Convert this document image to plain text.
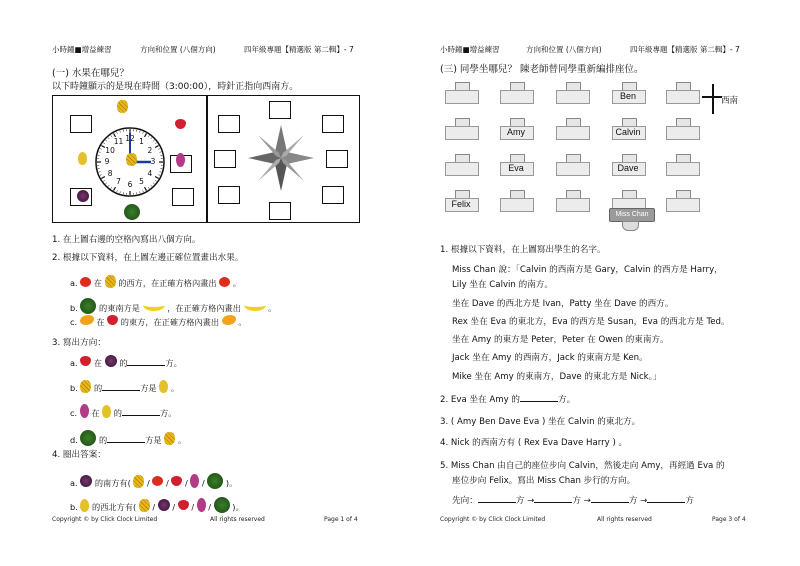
小時鐘■增益練習	方向和位置 (八個方向)	四年級專題【精選版 第二輯】- 7
(一) 水果在哪兒？
以下時鐘顯示的是現在時間（3:00:00），時針正指向西南方。
12 1
2
3
4
5
6
7
8
9
10
11
1. 在上圖右邊的空格內寫出八個方向。
2. 根據以下資料，在上圖左邊正確位置畫出水果。
a. 在 的西方，在正確方格內畫出 。
b.	的東南方是	，在正確方格內畫出	。
c. 在 的東方，在正確方格內畫出 。
3. 寫出方向：
a. 在 的	方。
b. 的	方是 。
c. 在 的	方。
d.	的	方是 。
4. 圈出答案：
a. 的南方有(  /  /  /  /  )。
b. 的西北方有(  /  /  /  /  )。
Copyright © by Click Clock Limited	All rights reserved	Page 1 of 4
小時鐘■增益練習	方向和位置 (八個方向)	四年級專題【精選版 第二輯】- 7
(三) 同學坐哪兒？ 陳老師替同學重新編排座位。
Ben
Amy	Calvin
Eva	Dave
Felix
西南
Miss Chan
1. 根據以下資料，在上圖寫出學生的名字。
Miss Chan 說：「Calvin 的西南方是 Gary，Calvin 的西方是 Harry，
Lily 坐在 Calvin 的南方。
坐在 Dave 的西北方是 Ivan，Patty 坐在 Dave 的西方。
Rex 坐在 Eva 的東北方，Eva 的西方是 Susan，Eva 的西北方是 Ted。
坐在 Amy 的東方是 Peter，Peter 在 Owen 的東南方。
Jack 坐在 Amy 的西南方，Jack 的東南方是 Ken。
Mike 坐在 Amy 的東南方，Dave 的東北方是 Nick。」
2. Eva 坐在 Amy 的	方。
3. ( Amy Ben Dave Eva ) 坐在 Calvin 的東北方。
4. Nick 的西南方有 ( Rex Eva Dave Harry ) 。
5. Miss Chan 由自己的座位步向 Calvin，然後走向 Amy，再經過 Eva 的
座位步向 Felix。寫出 Miss Chan 步行的方向。
先向：	方 →	方 →	方 →	方
Copyright © by Click Clock Limited	All rights reserved	Page 3 of 4
